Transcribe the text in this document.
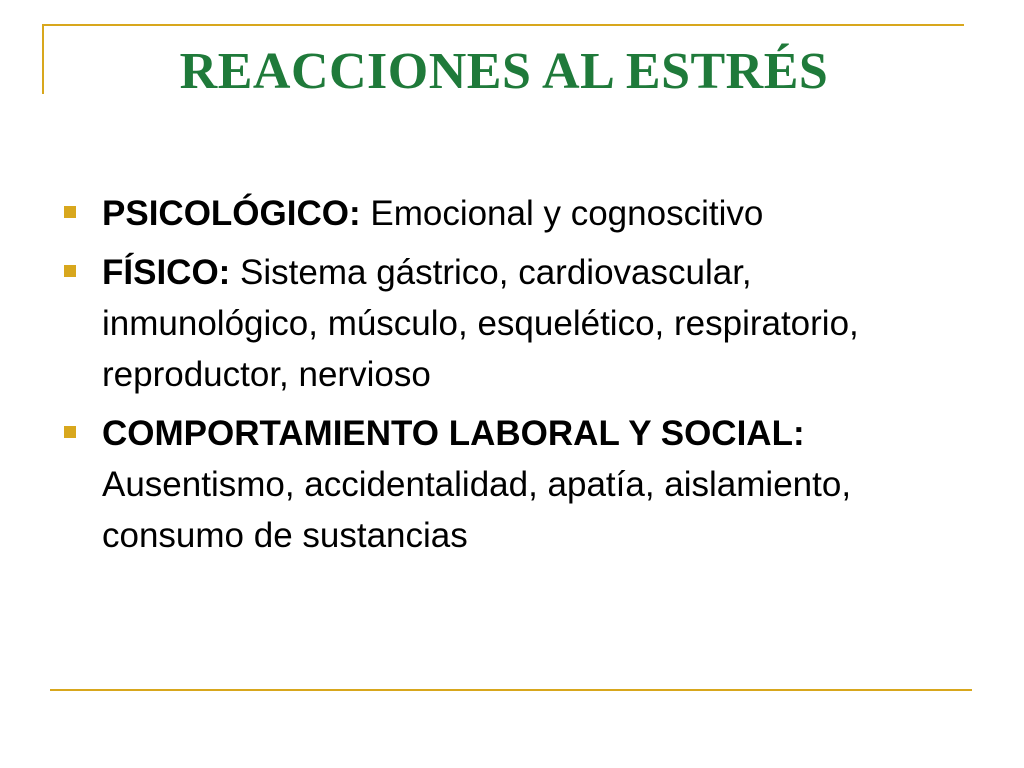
REACCIONES AL ESTRÉS
PSICOLÓGICO: Emocional y cognoscitivo
FÍSICO: Sistema gástrico, cardiovascular, inmunológico, músculo, esquelético, respiratorio, reproductor, nervioso
COMPORTAMIENTO LABORAL Y SOCIAL: Ausentismo, accidentalidad, apatía, aislamiento, consumo de sustancias
